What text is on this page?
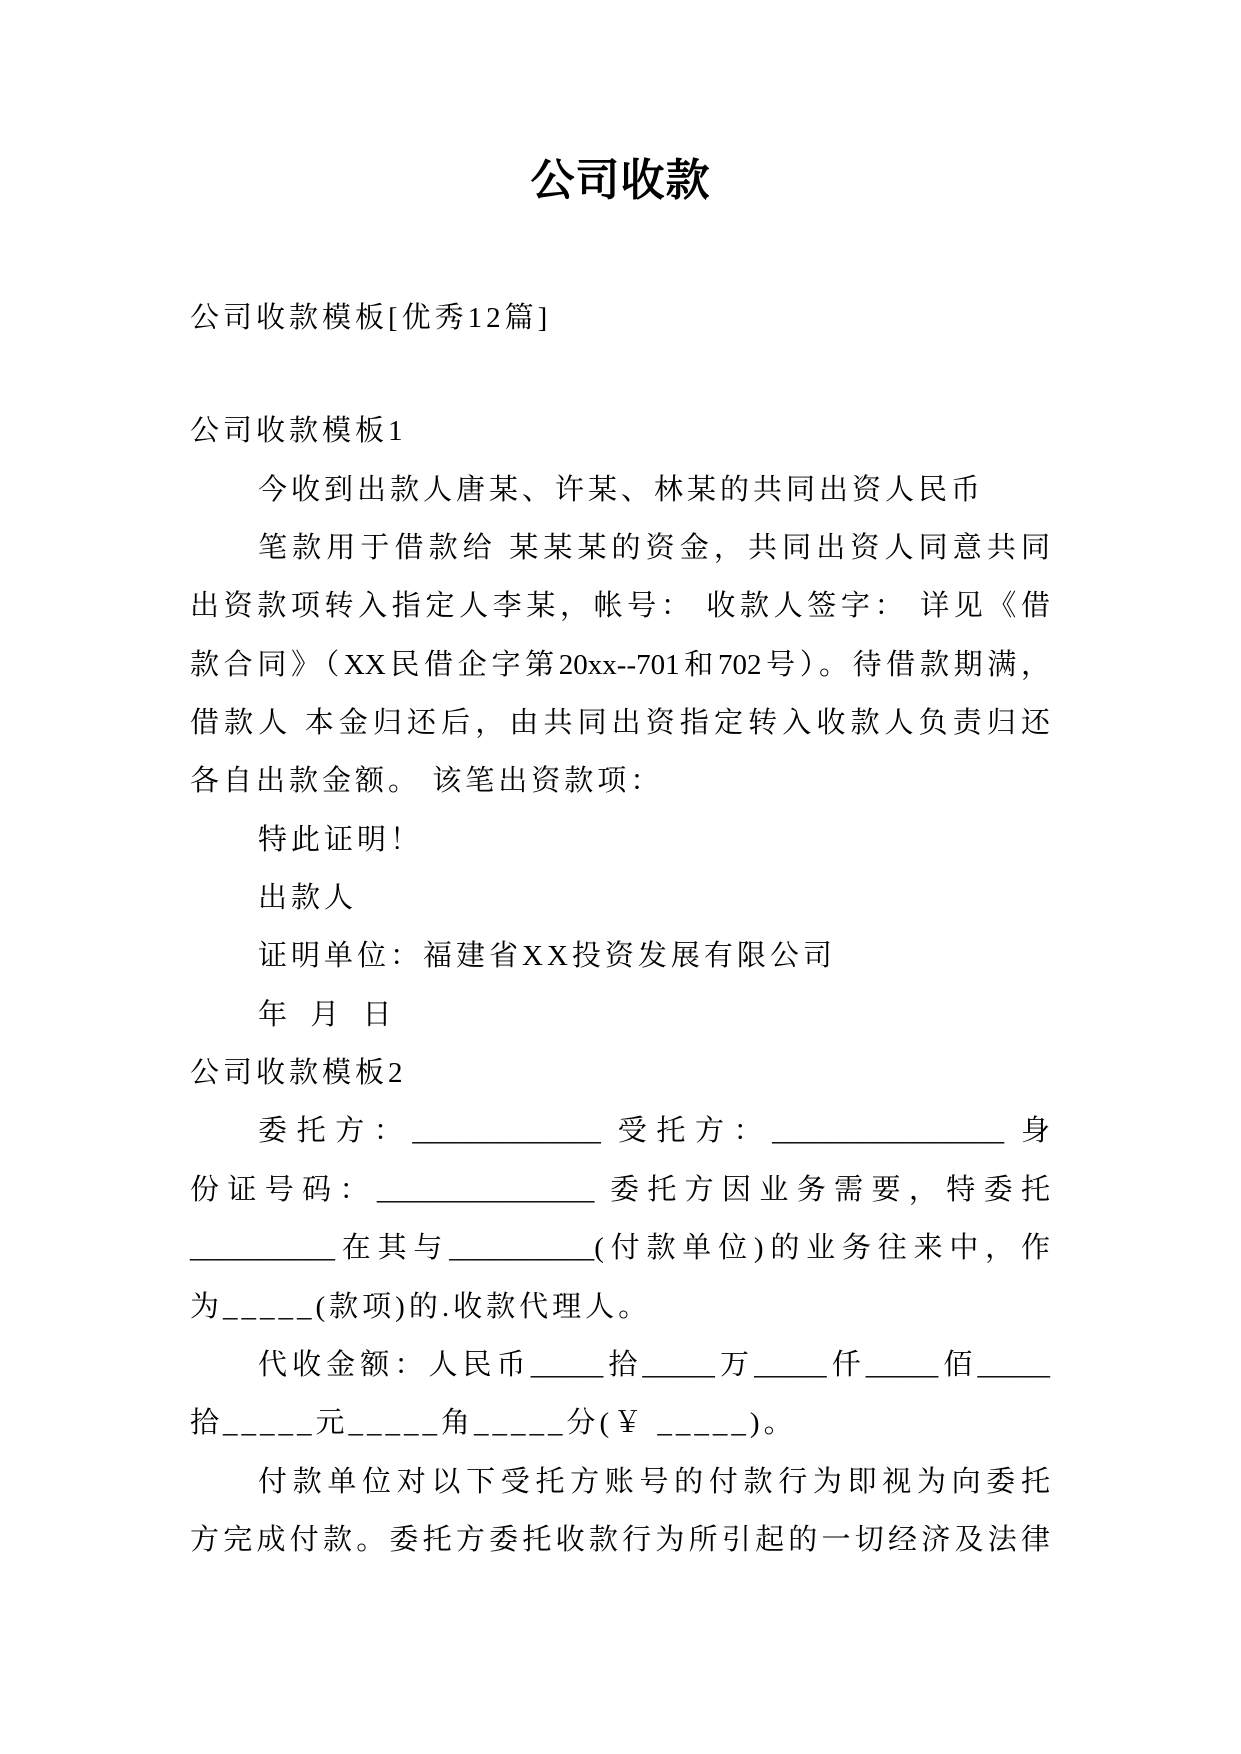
公司收款
公司收款模板[优秀12篇]
公司收款模板1
今收到出款人唐某、许某、林某的共同出资人民币
笔款用于借款给 某某某的资金，共同出资人同意共同
出资款项转入指定人李某，帐号： 收款人签字： 详见《借
款合同》（XX民借企字第20xx--701和702号）。待借款期满，
借款人 本金归还后，由共同出资指定转入收款人负责归还
各自出款金额。 该笔出资款项：
特此证明！
出款人
证明单位：福建省XX投资发展有限公司
年 月 日
公司收款模板2
委托方：_____________ 受托方：________________ 身
份证号码：_______________ 委托方因业务需要，特委托
__________在其与__________(付款单位)的业务往来中，作
为_____(款项)的.收款代理人。
代收金额：人民币_____拾_____万_____仟_____佰_____
拾_____元_____角_____分(￥ _____)。
付款单位对以下受托方账号的付款行为即视为向委托
方完成付款。委托方委托收款行为所引起的一切经济及法律
